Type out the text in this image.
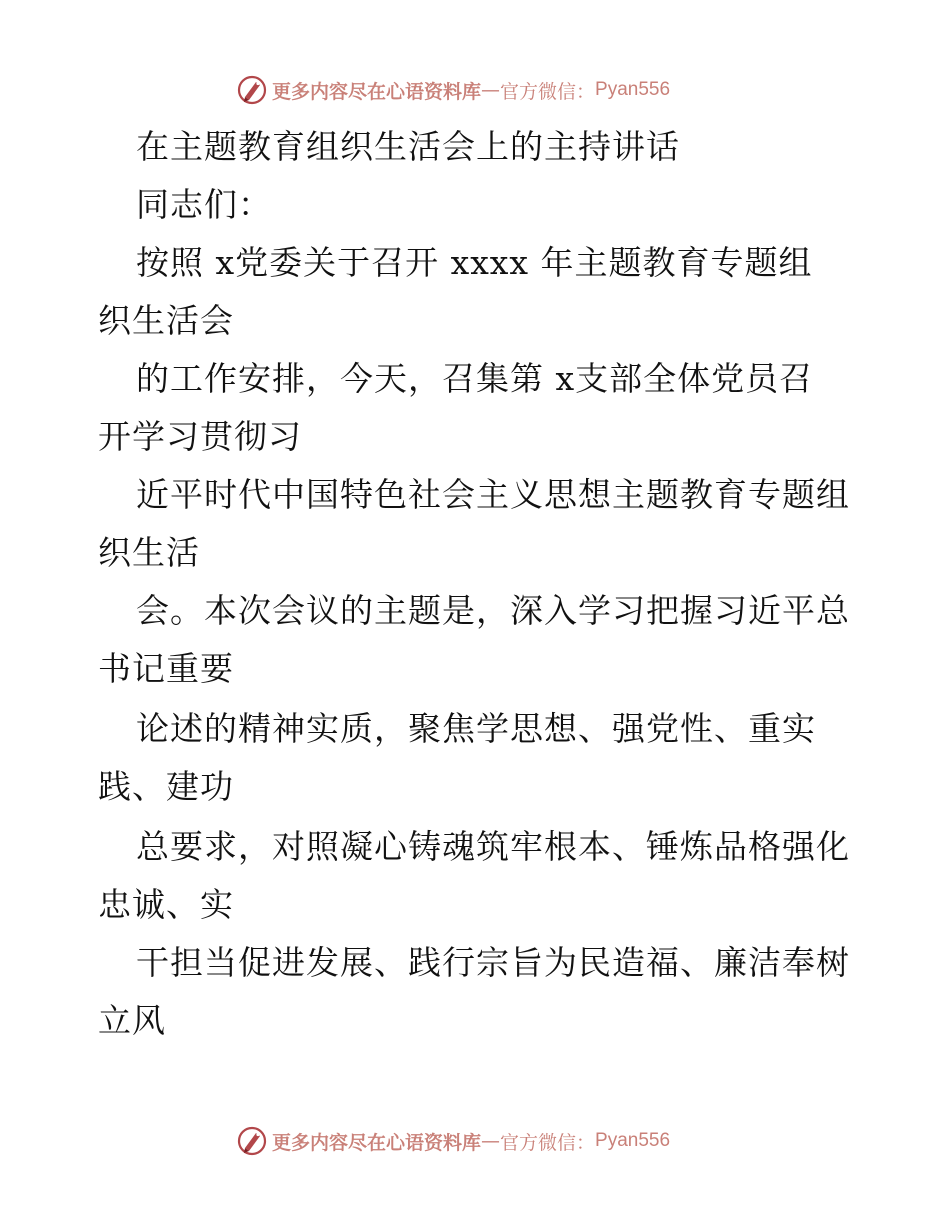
更多内容尽在心语资料库 — 官方微信： Pyan556
在主题教育组织生活会上的主持讲话
同志们：
按照 x党委关于召开 xxxx 年主题教育专题组
织生活会
的工作安排，今天，召集第 x支部全体党员召
开学习贯彻习
近平时代中国特色社会主义思想主题教育专题组
织生活
会。本次会议的主题是，深入学习把握习近平总
书记重要
论述的精神实质，聚焦学思想、强党性、重实
践、建功
总要求，对照凝心铸魂筑牢根本、锤炼品格强化
忠诚、实
干担当促进发展、践行宗旨为民造福、廉洁奉树
立风
更多内容尽在心语资料库 — 官方微信： Pyan556
